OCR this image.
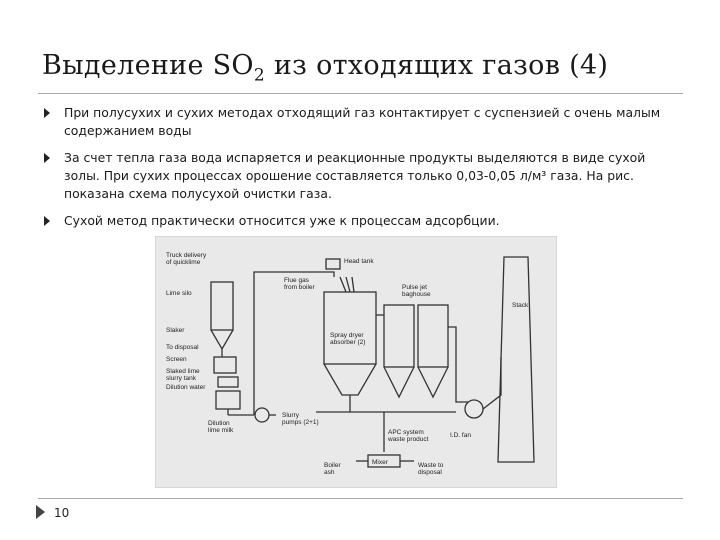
Выделение $SO_2$ из отходящих газов (4)
При полусухих и сухих методах отходящий газ контактирует с суспензией с очень малым содержанием воды
За счет тепла газа вода испаряется и реакционные продукты выделяются в виде сухой золы. При сухих процессах орошение составляется только 0,03-0,05 л/м³ газа. На рис. показана схема полусухой очистки газа.
Сухой метод практически относится уже к процессам адсорбции.
Truck delivery
of quicklime
Lime silo
Slaker
To disposal
Screen
Slaked lime
slurry tank
Dilution water
Dilution
lime milk
Slurry
pumps (2+1)
Head tank
Flue gas
from boiler	Pulse jet
baghouse
Spray dryer
absorber (2)
Stack
I.D. fan
APC system
waste product
Boiler
ash
Mixer	Waste to
disposal
10
